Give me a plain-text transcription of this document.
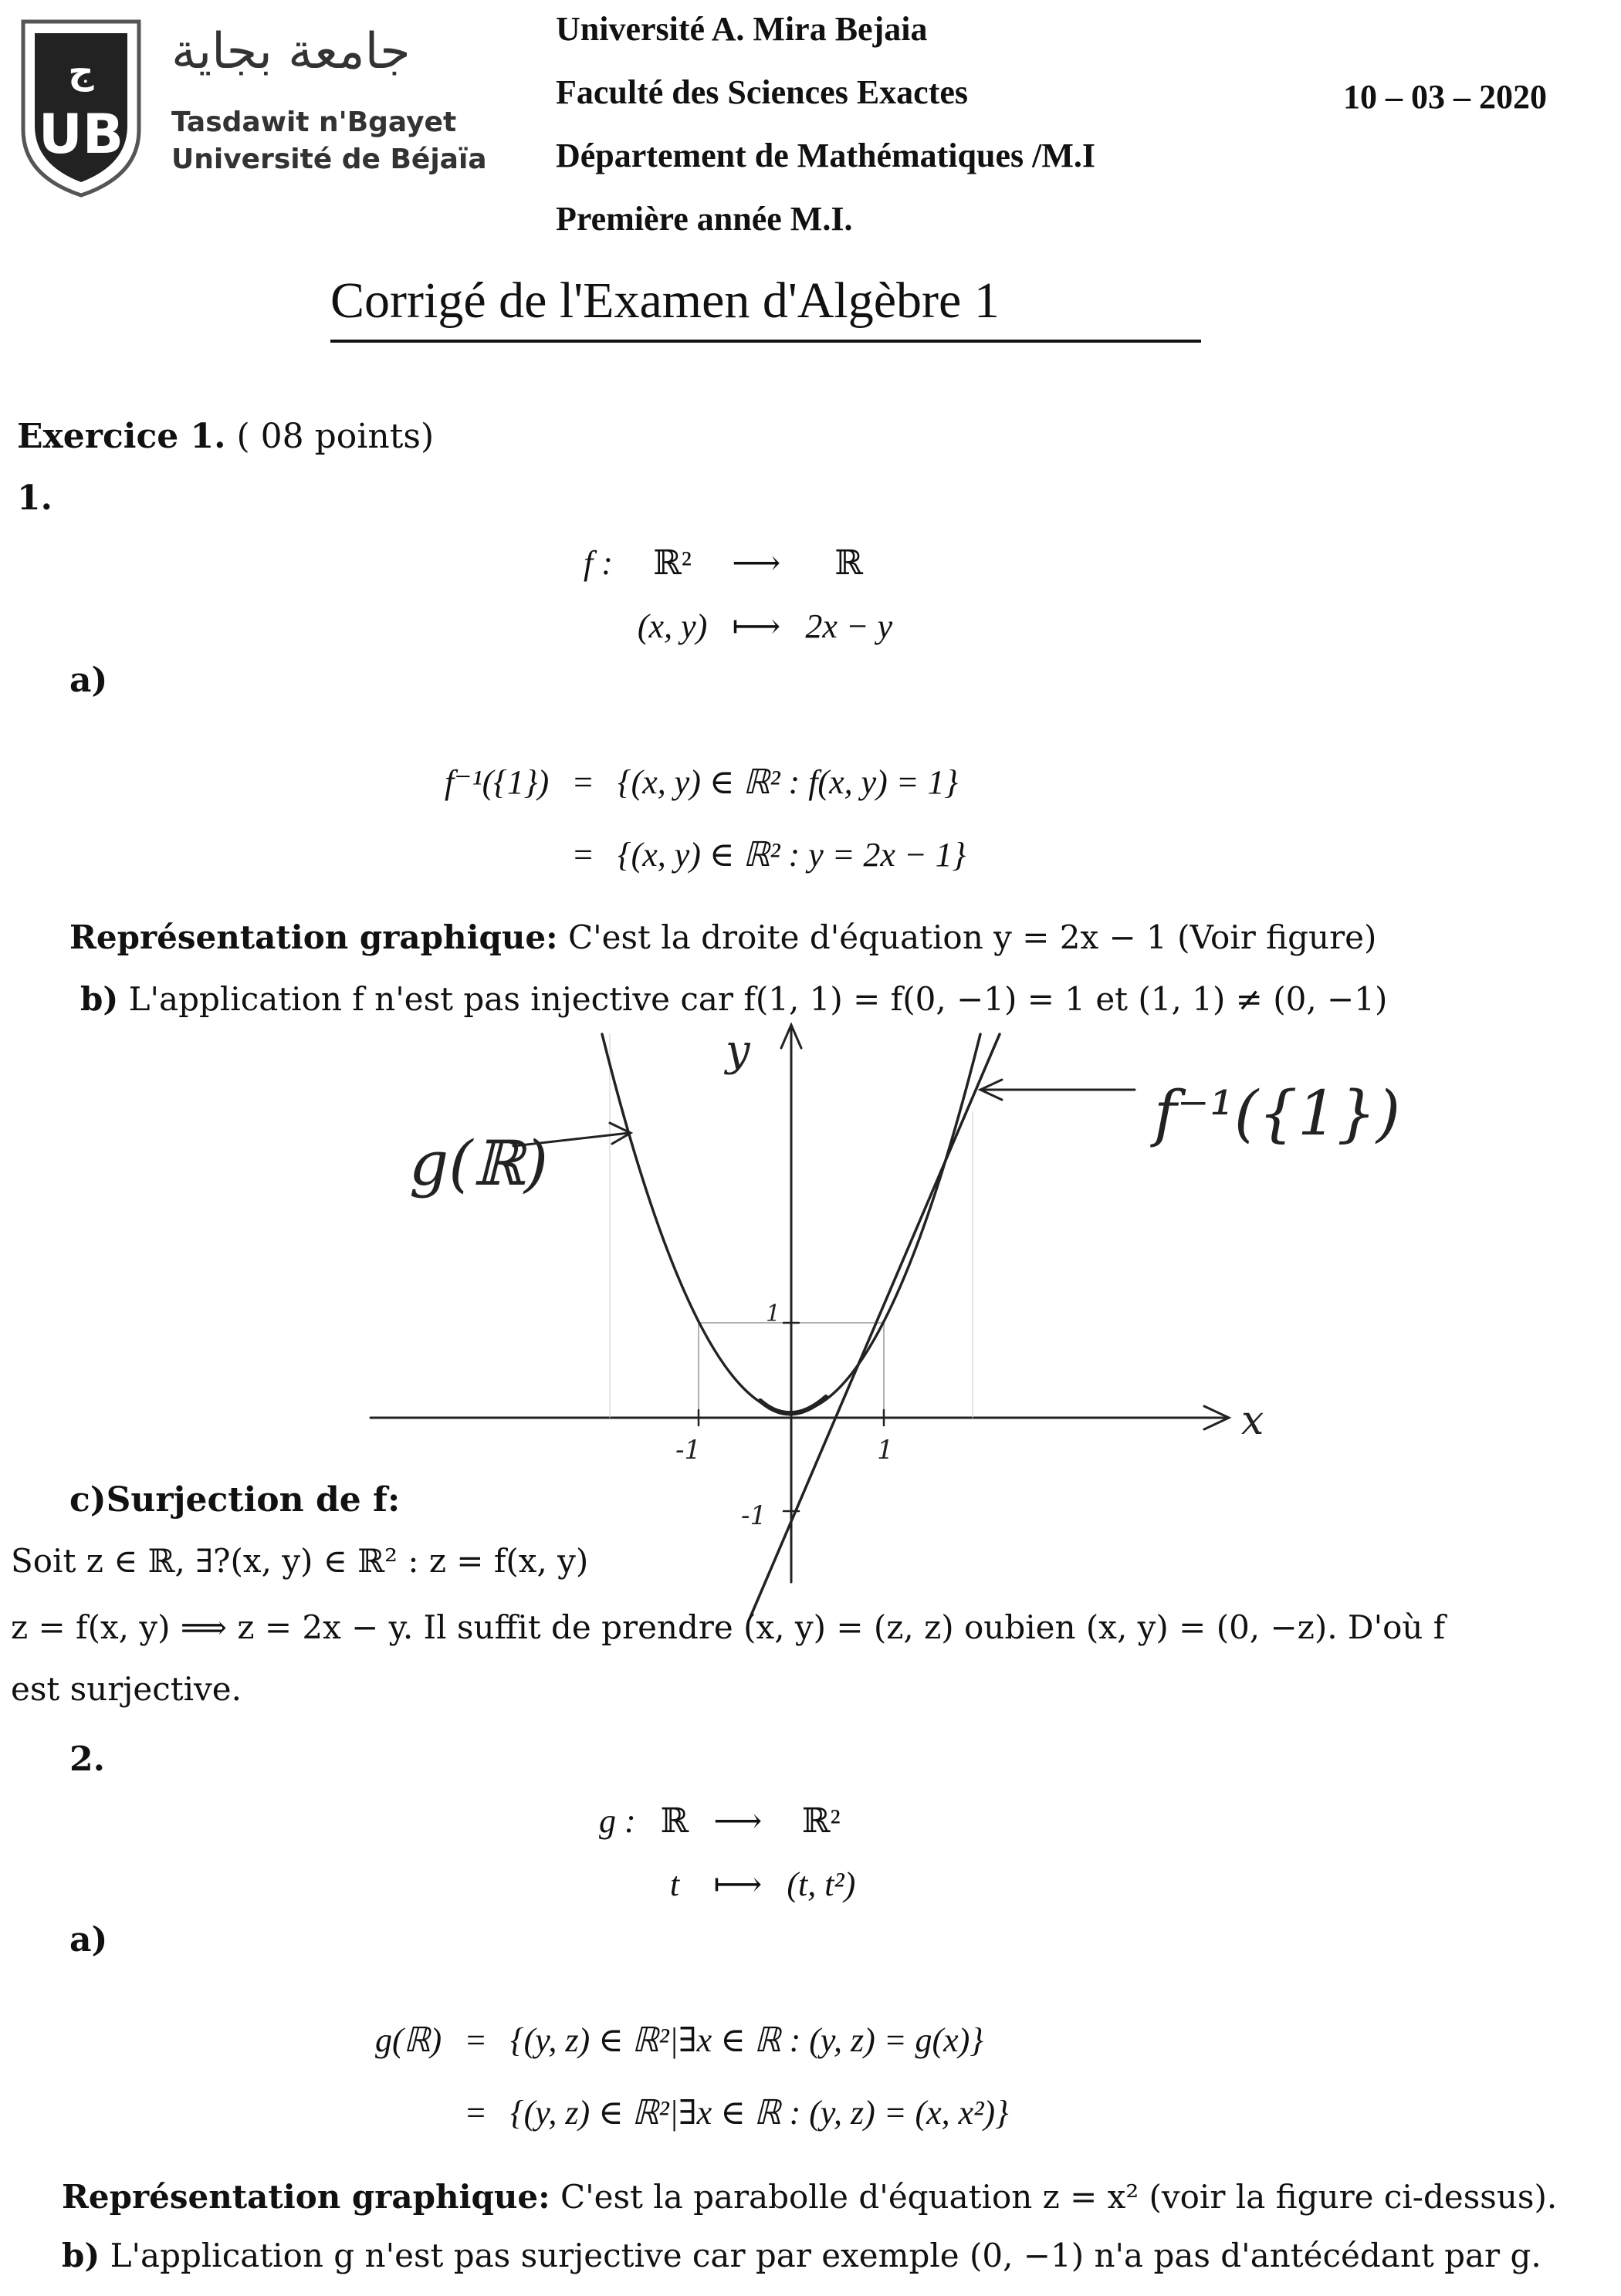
ﺝ
UB
جامعة بجاية
Tasdawit n'Bgayet
Université de Béjaïa
Université A. Mira Bejaia
Faculté des Sciences Exactes
Département de Mathématiques /M.I
Première année M.I.
10 – 03 – 2020
Corrigé de l'Examen d'Algèbre 1
Exercice 1. ( 08 points)
1.
f :	ℝ²	⟶	ℝ
	(x, y)	⟼	2x − y
a)
f⁻¹({1})	=	{(x, y) ∈ ℝ² : f(x, y) = 1}
	=	{(x, y) ∈ ℝ² : y = 2x − 1}
Représentation graphique: C'est la droite d'équation y = 2x − 1 (Voir figure)
b) L'application f n'est pas injective car f(1, 1) = f(0, −1) = 1 et (1, 1) ≠ (0, −1)
x
y
-1	1
1
-1
g(ℝ)
f⁻¹({1})
c)Surjection de f:
Soit z ∈ ℝ, ∃?(x, y) ∈ ℝ² : z = f(x, y)
z = f(x, y) ⟹ z = 2x − y. Il suffit de prendre (x, y) = (z, z) oubien (x, y) = (0, −z). D'où f
est surjective.
2.
g :	ℝ	⟶	ℝ²
	t	⟼	(t, t²)
a)
g(ℝ)	=	{(y, z) ∈ ℝ²|∃x ∈ ℝ : (y, z) = g(x)}
	=	{(y, z) ∈ ℝ²|∃x ∈ ℝ : (y, z) = (x, x²)}
Représentation graphique: C'est la parabolle d'équation z = x² (voir la figure ci-dessus).
b) L'application g n'est pas surjective car par exemple (0, −1) n'a pas d'antécédant par g.
